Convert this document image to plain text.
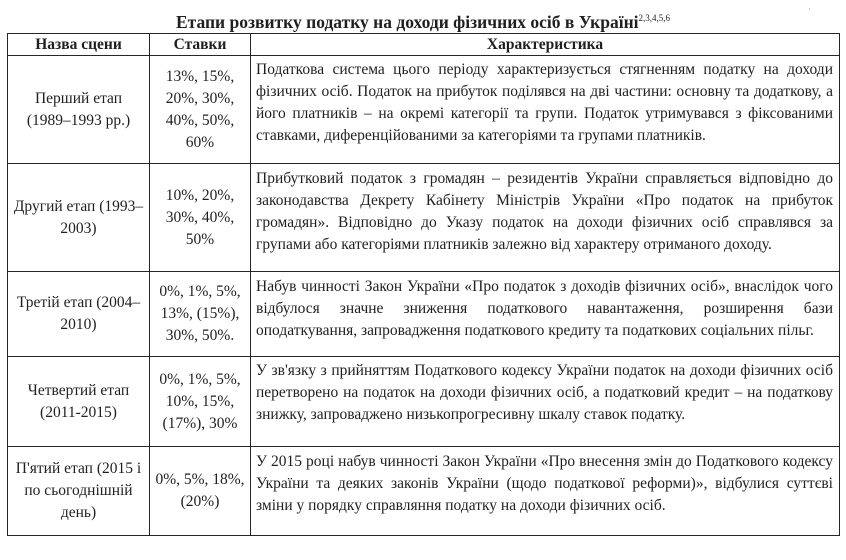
·
Етапи розвитку податку на доходи фізичних осіб в Україні$^{2,3,4,5,6}$
Назва сцени	Ставки	Характеристика
Перший етап (1989–1993 рр.)	13%, 15%, 20%, 30%, 40%, 50%, 60%	Податкова система цього періоду характеризується стягненням податку на доходи фізичних осіб. Податок на прибуток поділявся на дві частини: основну та додаткову, а його платників – на окремі категорії та групи. Податок утримувався з фіксованими ставками, диференційованими за категоріями та групами платників.
Другий етап (1993–2003)	10%, 20%, 30%, 40%, 50%	Прибутковий податок з громадян – резидентів України справляється відповідно до законодавства Декрету Кабінету Міністрів України «Про податок на прибуток громадян». Відповідно до Указу податок на доходи фізичних осіб справлявся за групами або категоріями платників залежно від характеру отриманого доходу.
Третій етап (2004–2010)	0%, 1%, 5%, 13%, (15%), 30%, 50%.	Набув чинності Закон України «Про податок з доходів фізичних осіб», внаслідок чого відбулося значне зниження податкового навантаження, розширення бази оподаткування, запровадження податкового кредиту та податкових соціальних пільг.
Четвертий етап (2011-2015)	0%, 1%, 5%, 10%, 15%, (17%), 30%	У зв'язку з прийняттям Податкового кодексу України податок на доходи фізичних осіб перетворено на податок на доходи фізичних осіб, а податковий кредит – на податкову знижку, запроваджено низькопрогресивну шкалу ставок податку.
П'ятий етап (2015 і по сьогоднішній день)	0%, 5%, 18%, (20%)	У 2015 році набув чинності Закон України «Про внесення змін до Податкового кодексу України та деяких законів України (щодо податкової реформи)», відбулися суттєві зміни у порядку справляння податку на доходи фізичних осіб.
